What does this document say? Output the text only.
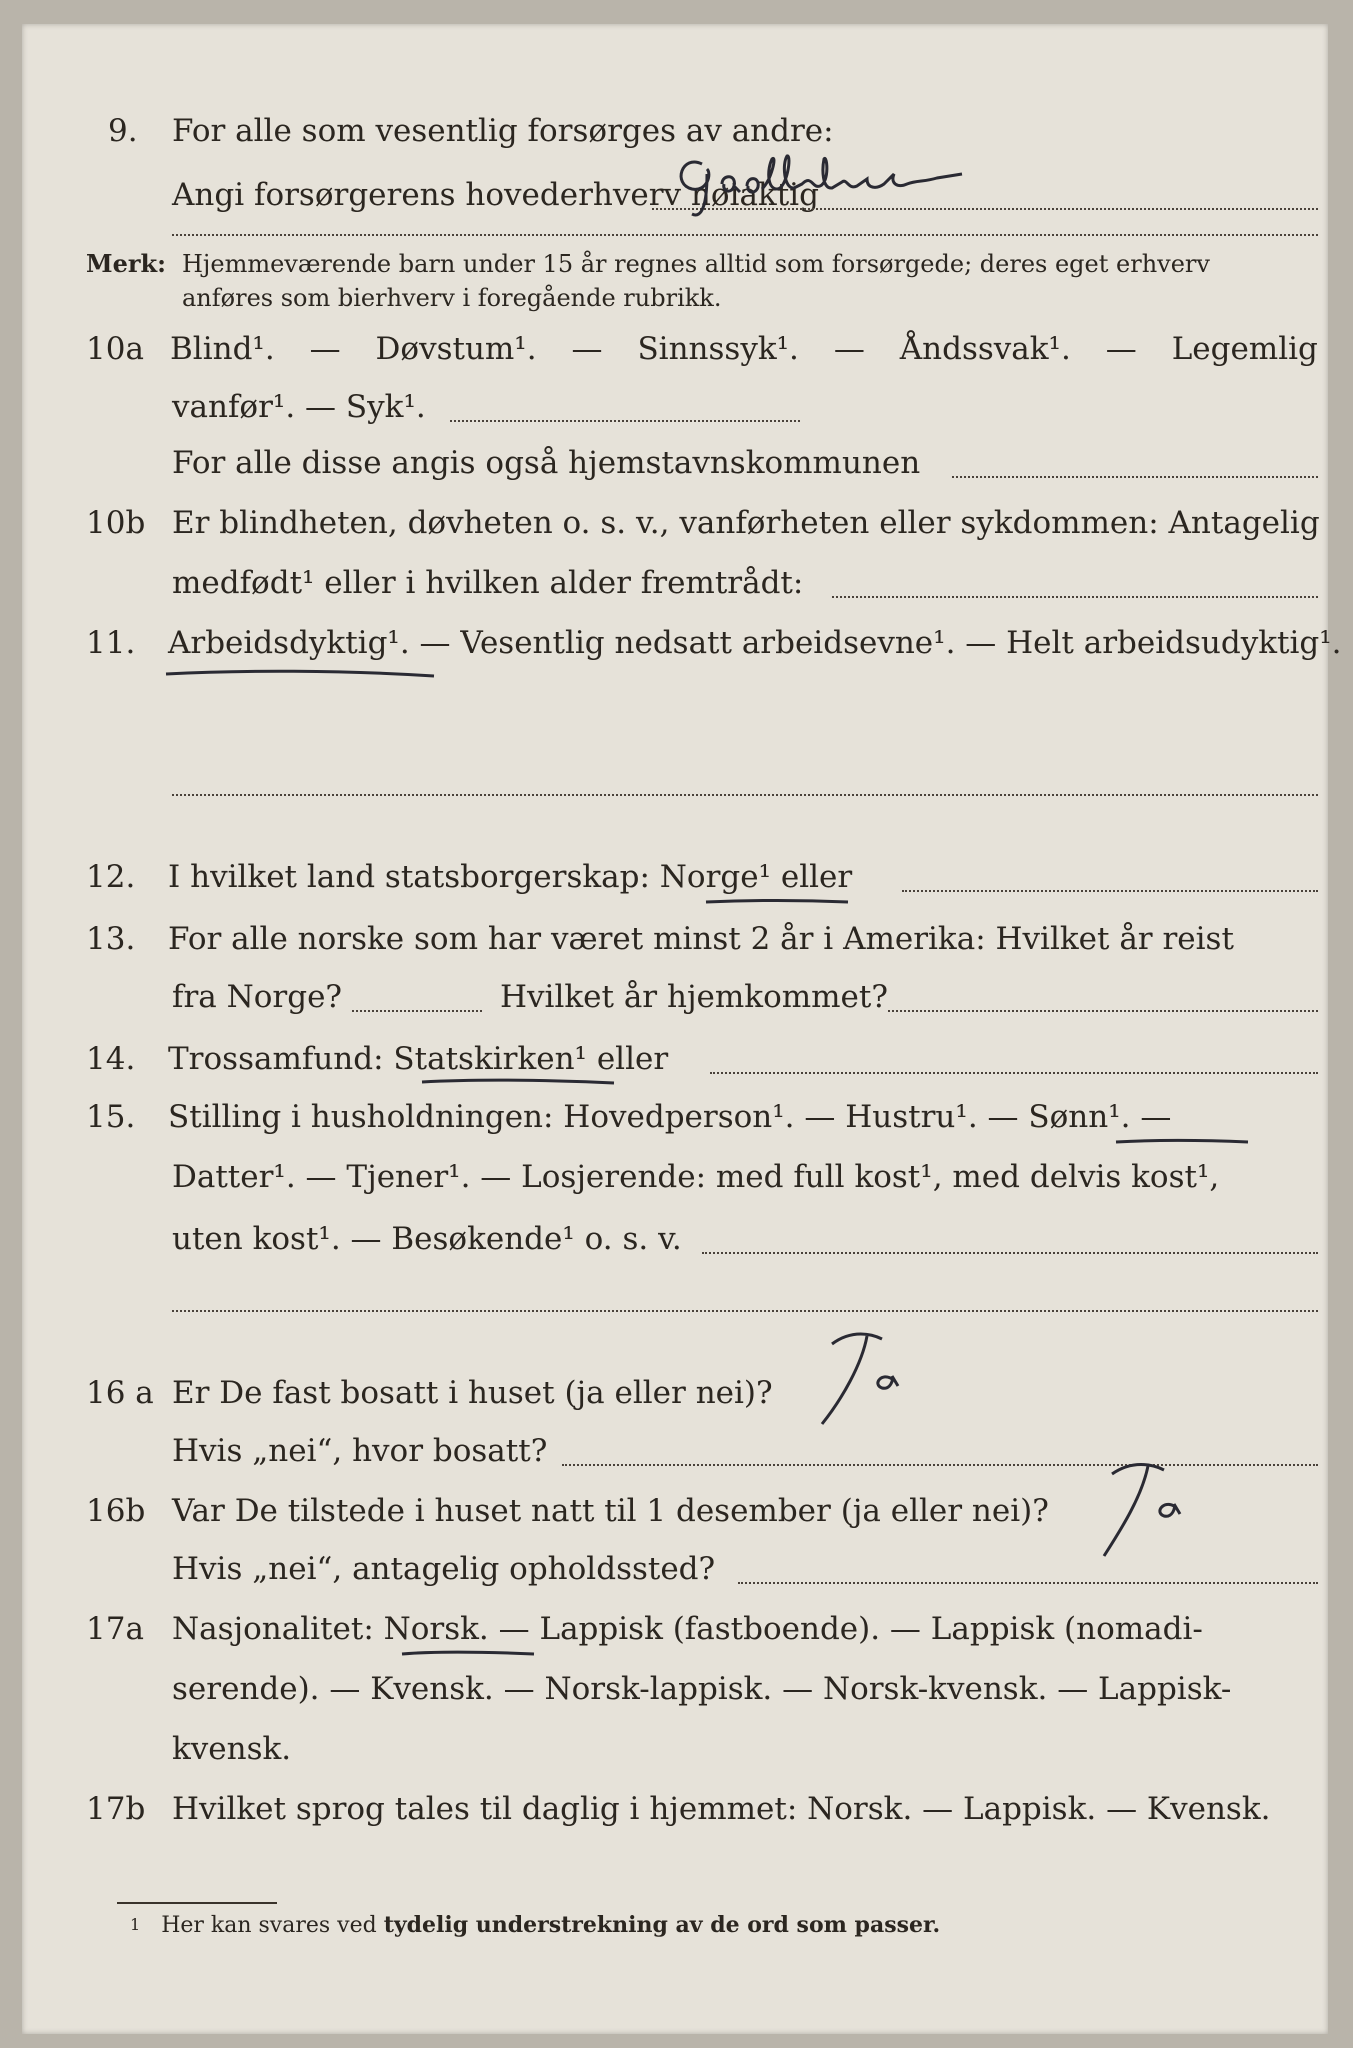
9. For alle som vesentlig forsørges av andre:
Angi forsørgerens hovederhverv nøiaktig
Merk: Hjemmeværende barn under 15 år regnes alltid som forsørgede; deres eget erhverv
anføres som bierhverv i foregående rubrikk.
10a Blind¹. — Døvstum¹. — Sinnssyk¹. — Åndssvak¹. — Legemlig
vanfør¹. — Syk¹.
For alle disse angis også hjemstavnskommunen
10b Er blindheten, døvheten o. s. v., vanførheten eller sykdommen: Antagelig
medfødt¹ eller i hvilken alder fremtrådt:
11. Arbeidsdyktig¹. — Vesentlig nedsatt arbeidsevne¹. — Helt arbeidsudyktig¹.
12. I hvilket land statsborgerskap: Norge¹ eller
13. For alle norske som har været minst 2 år i Amerika: Hvilket år reist
fra Norge?	Hvilket år hjemkommet?
14. Trossamfund: Statskirken¹ eller
15. Stilling i husholdningen: Hovedperson¹. — Hustru¹. — Sønn¹. —
Datter¹. — Tjener¹. — Losjerende: med full kost¹, med delvis kost¹,
uten kost¹. — Besøkende¹ o. s. v.
16 a Er De fast bosatt i huset (ja eller nei)?
Hvis „nei“, hvor bosatt?
16b Var De tilstede i huset natt til 1 desember (ja eller nei)?
Hvis „nei“, antagelig opholdssted?
17a Nasjonalitet: Norsk. — Lappisk (fastboende). — Lappisk (nomadi-
serende). — Kvensk. — Norsk-lappisk. — Norsk-kvensk. — Lappisk-
kvensk.
17b Hvilket sprog tales til daglig i hjemmet: Norsk. — Lappisk. — Kvensk.
$^1$ Her kan svares ved tydelig understrekning av de ord som passer.
